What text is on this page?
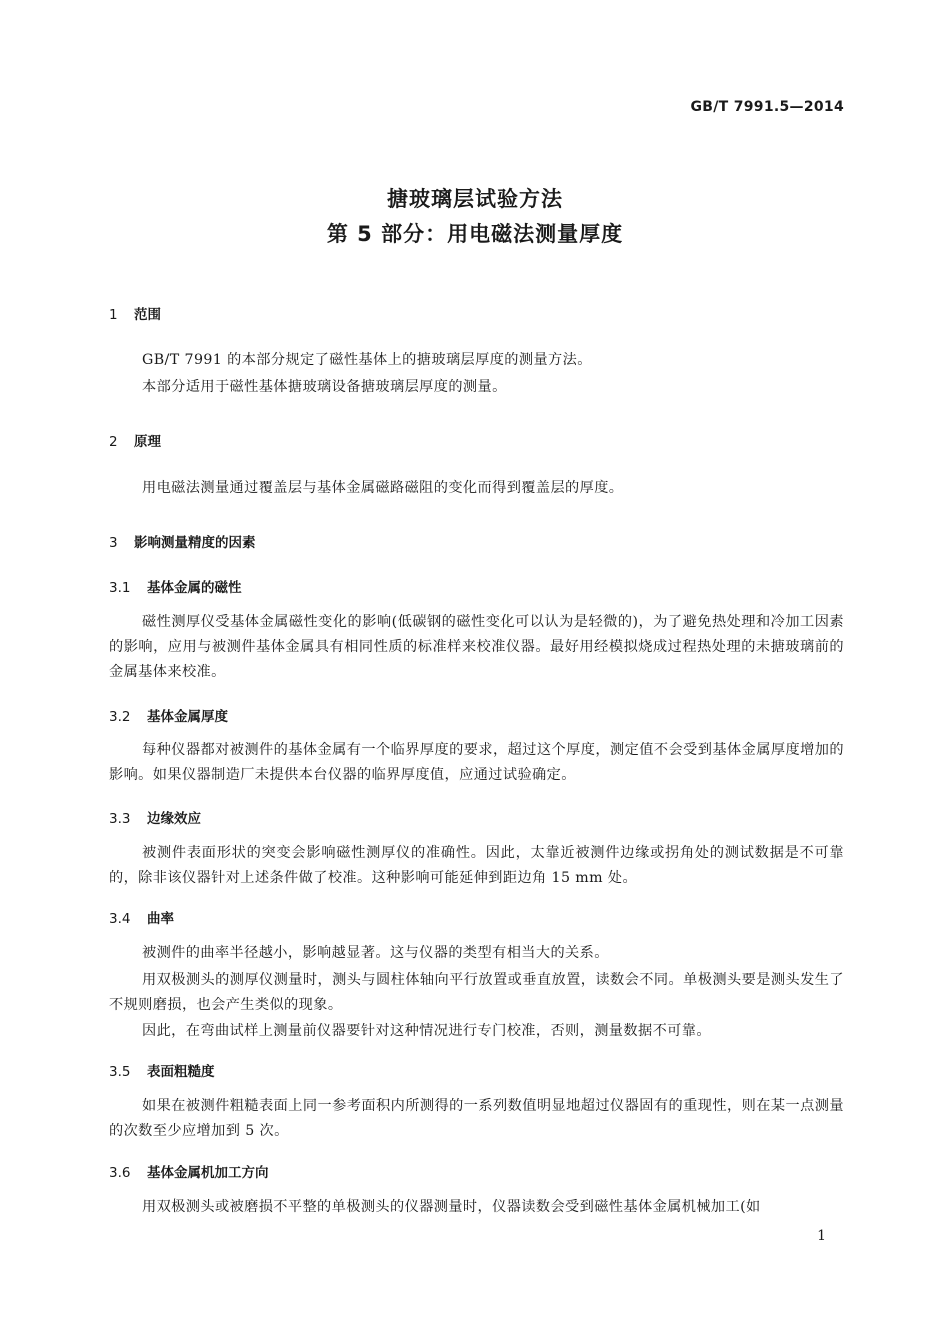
GB/T 7991.5—2014
搪玻璃层试验方法
第 5 部分：用电磁法测量厚度
1 范围
GB/T 7991 的本部分规定了磁性基体上的搪玻璃层厚度的测量方法。
本部分适用于磁性基体搪玻璃设备搪玻璃层厚度的测量。
2 原理
用电磁法测量通过覆盖层与基体金属磁路磁阻的变化而得到覆盖层的厚度。
3 影响测量精度的因素
3.1 基体金属的磁性
磁性测厚仪受基体金属磁性变化的影响(低碳钢的磁性变化可以认为是轻微的)，为了避免热处理和冷加工因素的影响，应用与被测件基体金属具有相同性质的标准样来校准仪器。最好用经模拟烧成过程热处理的未搪玻璃前的金属基体来校准。
3.2 基体金属厚度
每种仪器都对被测件的基体金属有一个临界厚度的要求，超过这个厚度，测定值不会受到基体金属厚度增加的影响。如果仪器制造厂未提供本台仪器的临界厚度值，应通过试验确定。
3.3 边缘效应
被测件表面形状的突变会影响磁性测厚仪的准确性。因此，太靠近被测件边缘或拐角处的测试数据是不可靠的，除非该仪器针对上述条件做了校准。这种影响可能延伸到距边角 15 mm 处。
3.4 曲率
被测件的曲率半径越小，影响越显著。这与仪器的类型有相当大的关系。
用双极测头的测厚仪测量时，测头与圆柱体轴向平行放置或垂直放置，读数会不同。单极测头要是测头发生了不规则磨损，也会产生类似的现象。
因此，在弯曲试样上测量前仪器要针对这种情况进行专门校准，否则，测量数据不可靠。
3.5 表面粗糙度
如果在被测件粗糙表面上同一参考面积内所测得的一系列数值明显地超过仪器固有的重现性，则在某一点测量的次数至少应增加到 5 次。
3.6 基体金属机加工方向
用双极测头或被磨损不平整的单极测头的仪器测量时，仪器读数会受到磁性基体金属机械加工(如
1
